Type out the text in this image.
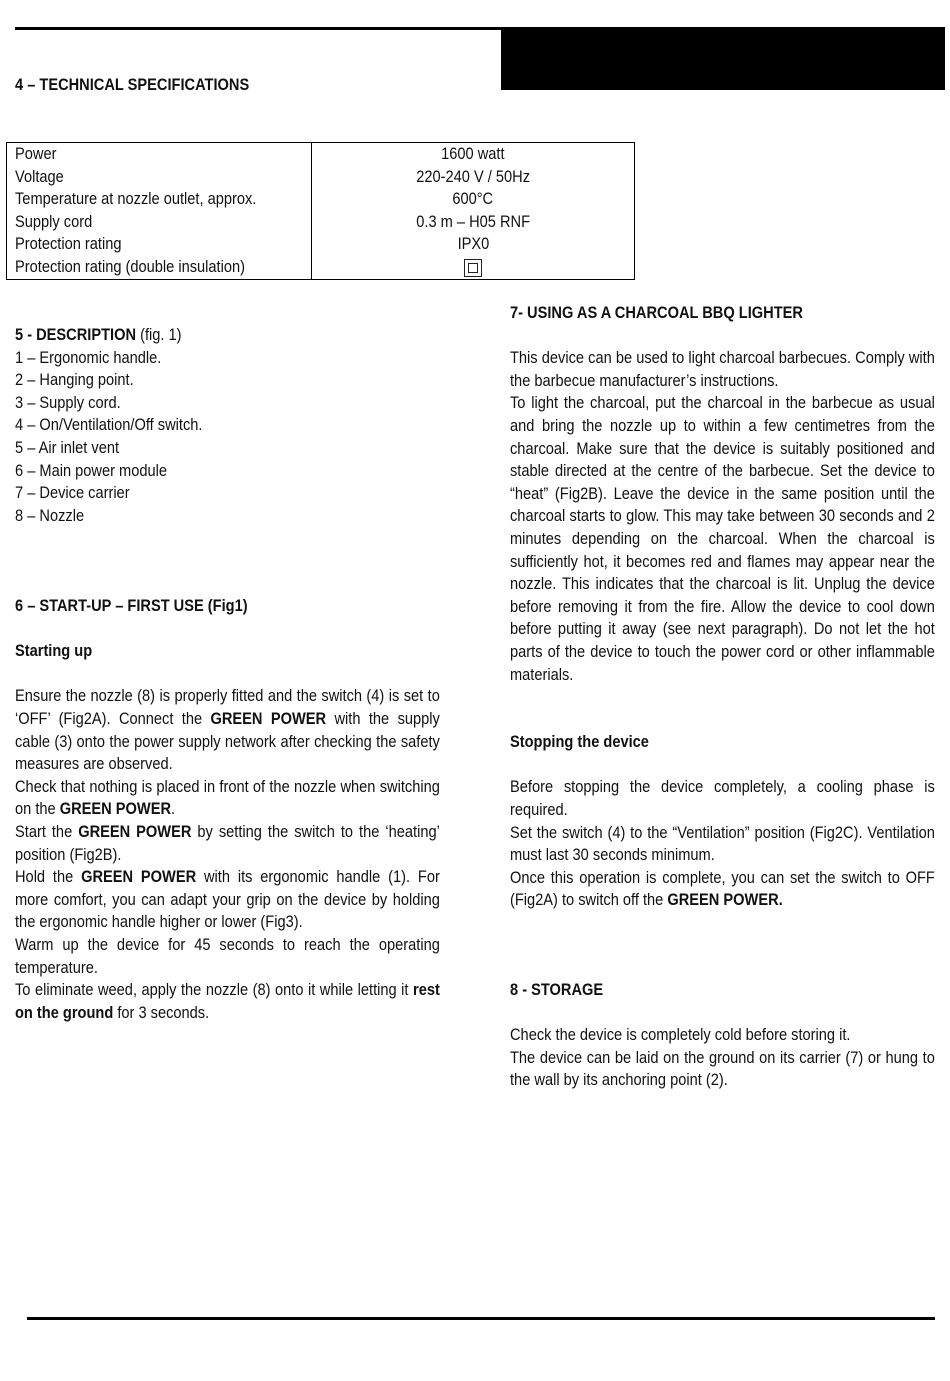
4 – TECHNICAL SPECIFICATIONS
Power	1600 watt
Voltage	220-240 V / 50Hz
Temperature at nozzle outlet, approx.	600°C
Supply cord	0.3 m – H05 RNF
Protection rating	IPX0
Protection rating (double insulation)	
5 - DESCRIPTION (fig. 1)
1 – Ergonomic handle.
2 – Hanging point.
3 – Supply cord.
4 – On/Ventilation/Off switch.
5 – Air inlet vent
6 – Main power module
7 – Device carrier
8 – Nozzle
6 – START-UP – FIRST USE (Fig1)
Starting up
Ensure the nozzle (8) is properly fitted and the switch (4) is set to ‘OFF’ (Fig2A). Connect the GREEN POWER with the supply cable (3) onto the power supply network after checking the safety measures are observed.
Check that nothing is placed in front of the nozzle when switching on the GREEN POWER.
Start the GREEN POWER by setting the switch to the ‘heating’ position (Fig2B).
Hold the GREEN POWER with its ergonomic handle (1). For more comfort, you can adapt your grip on the device by holding the ergonomic handle higher or lower (Fig3).
Warm up the device for 45 seconds to reach the operating temperature.
To eliminate weed, apply the nozzle (8) onto it while letting it rest on the ground for 3 seconds.
7- USING AS A CHARCOAL BBQ LIGHTER
This device can be used to light charcoal barbecues. Comply with the barbecue manufacturer’s instructions.
To light the charcoal, put the charcoal in the barbecue as usual and bring the nozzle up to within a few centimetres from the charcoal. Make sure that the device is suitably positioned and stable directed at the centre of the barbecue. Set the device to “heat” (Fig2B). Leave the device in the same position until the charcoal starts to glow. This may take between 30 seconds and 2 minutes depending on the charcoal. When the charcoal is sufficiently hot, it becomes red and flames may appear near the nozzle. This indicates that the charcoal is lit. Unplug the device before removing it from the fire. Allow the device to cool down before putting it away (see next paragraph). Do not let the hot parts of the device to touch the power cord or other inflammable materials.
Stopping the device
Before stopping the device completely, a cooling phase is required.
Set the switch (4) to the “Ventilation” position (Fig2C). Ventilation must last 30 seconds minimum.
Once this operation is complete, you can set the switch to OFF (Fig2A) to switch off the GREEN POWER.
8 - STORAGE
Check the device is completely cold before storing it.
The device can be laid on the ground on its carrier (7) or hung to the wall by its anchoring point (2).
